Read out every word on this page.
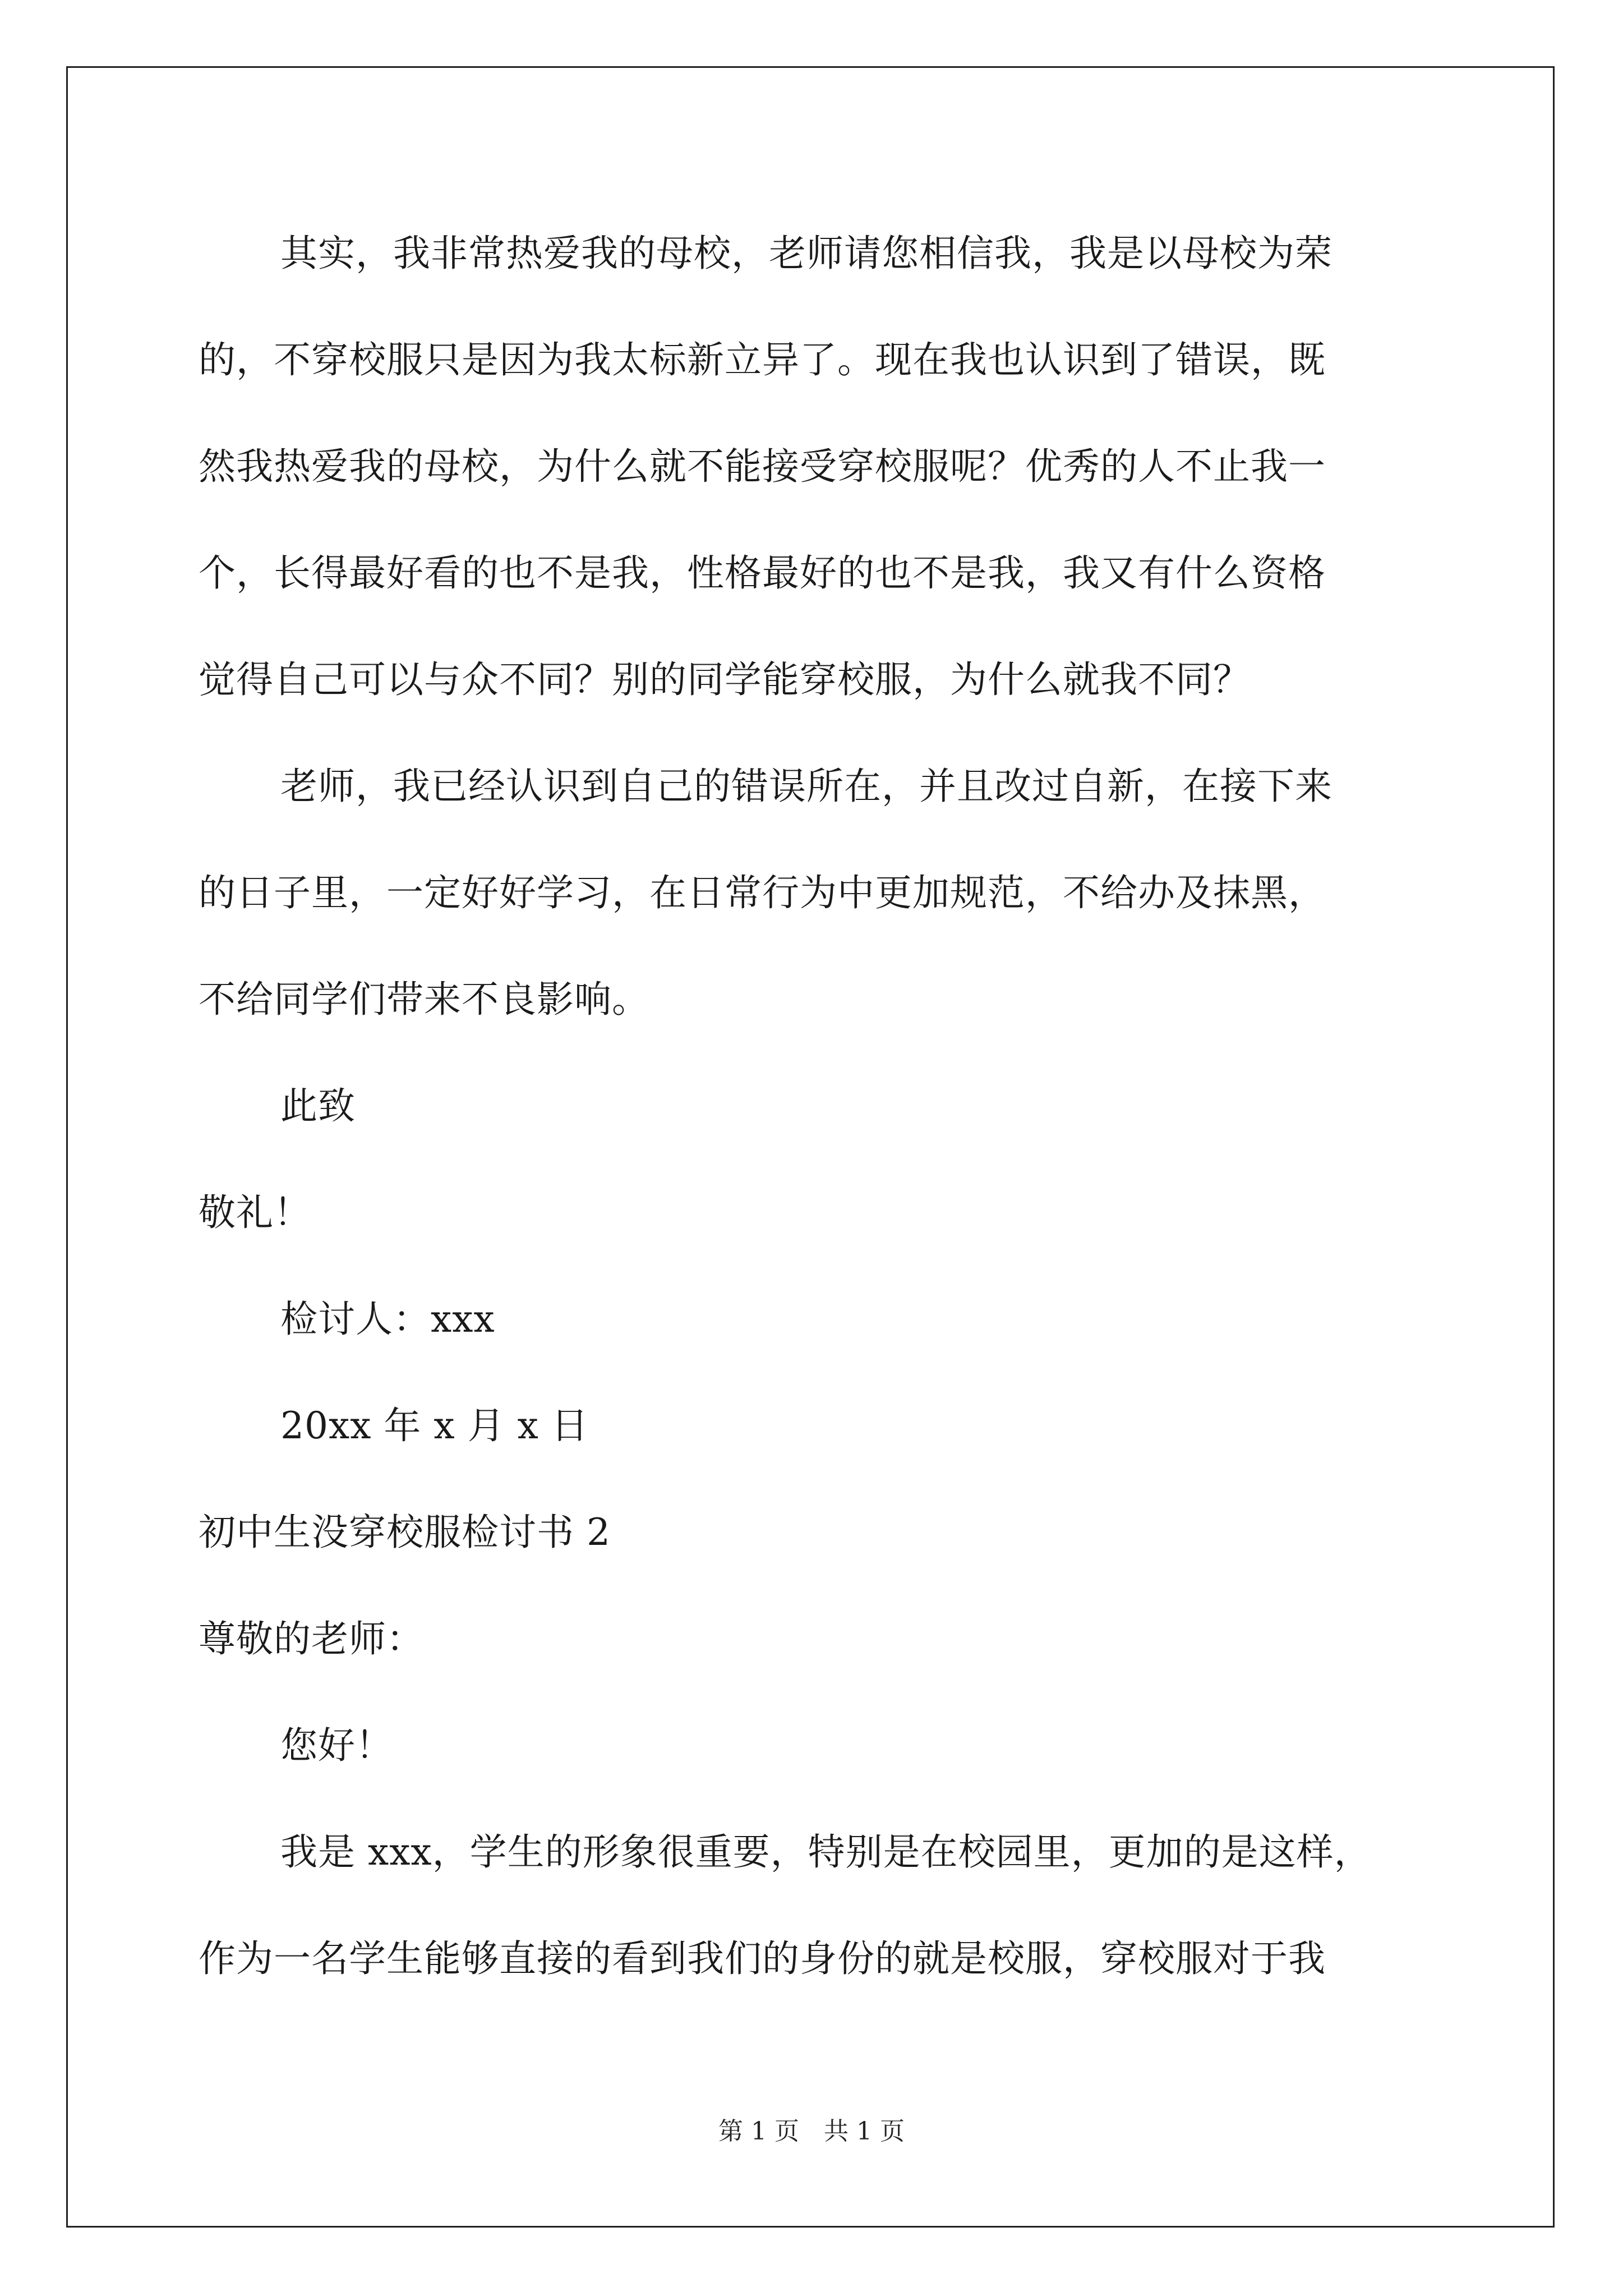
其实，我非常热爱我的母校，老师请您相信我，我是以母校为荣
的，不穿校服只是因为我太标新立异了。现在我也认识到了错误，既
然我热爱我的母校，为什么就不能接受穿校服呢？优秀的人不止我一
个，长得最好看的也不是我，性格最好的也不是我，我又有什么资格
觉得自己可以与众不同？别的同学能穿校服，为什么就我不同？
老师，我已经认识到自己的错误所在，并且改过自新，在接下来
的日子里，一定好好学习，在日常行为中更加规范，不给办及抹黑，
不给同学们带来不良影响。
此致
敬礼！
检讨人：xxx
20xx 年 x 月 x 日
初中生没穿校服检讨书 2
尊敬的老师：
您好！
我是 xxx，学生的形象很重要，特别是在校园里，更加的是这样，
作为一名学生能够直接的看到我们的身份的就是校服，穿校服对于我
第 1 页　共 1 页
